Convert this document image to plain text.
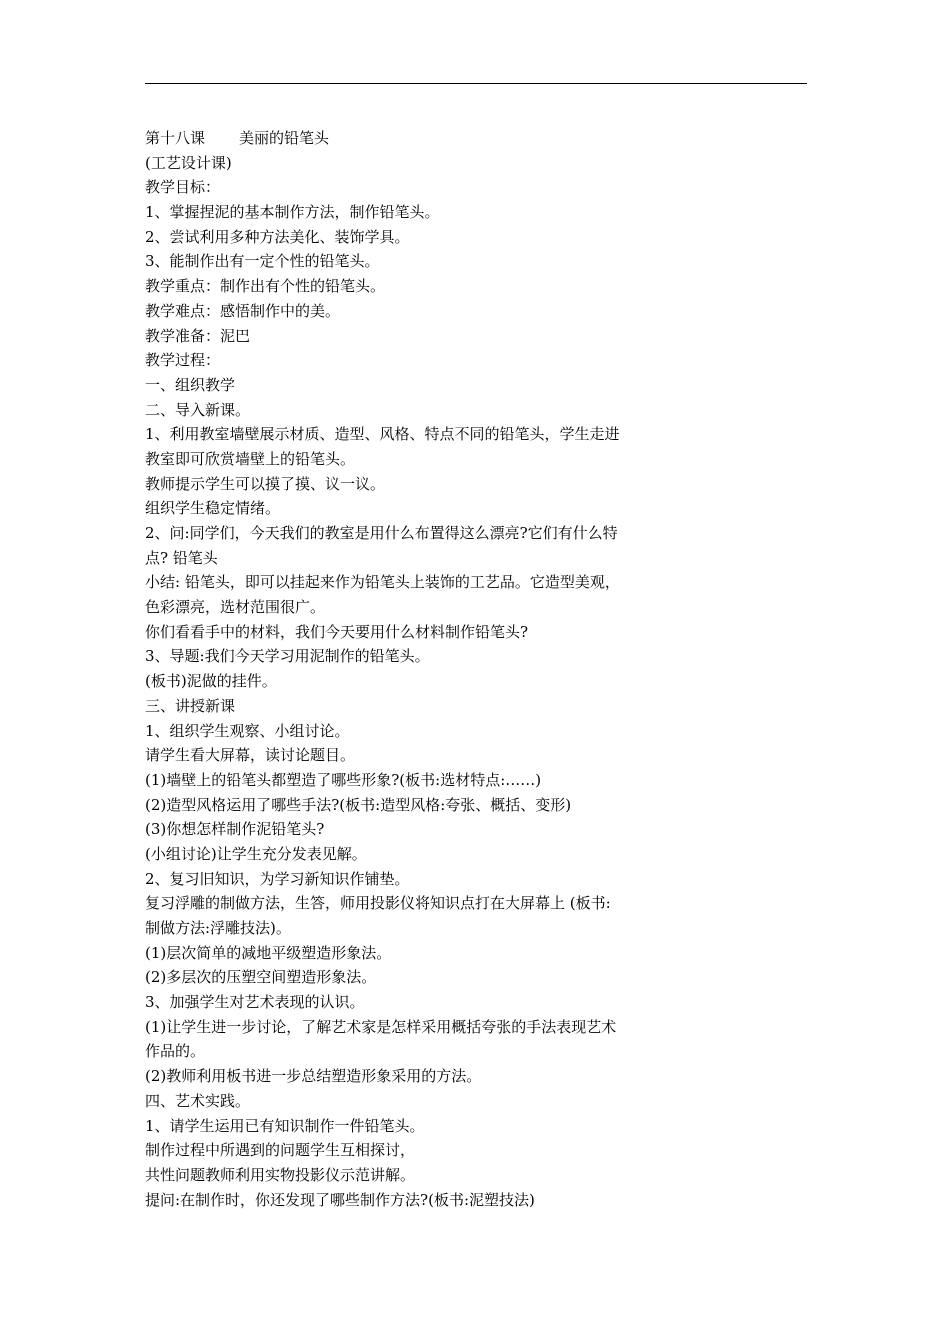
第十八课 美丽的铅笔头
(工艺设计课)
教学目标：
1、掌握捏泥的基本制作方法，制作铅笔头。
2、尝试利用多种方法美化、装饰学具。
3、能制作出有一定个性的铅笔头。
教学重点：制作出有个性的铅笔头。
教学难点：感悟制作中的美。
教学准备：泥巴
教学过程：
一、组织教学
二、导入新课。
1、利用教室墙壁展示材质、造型、风格、特点不同的铅笔头，学生走进
教室即可欣赏墙壁上的铅笔头。
教师提示学生可以摸了摸、议一议。
组织学生稳定情绪。
2、问:同学们，今天我们的教室是用什么布置得这么漂亮?它们有什么特
点? 铅笔头
小结: 铅笔头，即可以挂起来作为铅笔头上装饰的工艺品。它造型美观，
色彩漂亮，选材范围很广。
你们看看手中的材料，我们今天要用什么材料制作铅笔头?
3、导题:我们今天学习用泥制作的铅笔头。
(板书)泥做的挂件。
三、讲授新课
1、组织学生观察、小组讨论。
请学生看大屏幕，读讨论题目。
(1)墙壁上的铅笔头都塑造了哪些形象?(板书:选材特点:……)
(2)造型风格运用了哪些手法?(板书:造型风格:夸张、概括、变形)
(3)你想怎样制作泥铅笔头?
(小组讨论)让学生充分发表见解。
2、复习旧知识，为学习新知识作铺垫。
复习浮雕的制做方法，生答，师用投影仪将知识点打在大屏幕上 (板书:
制做方法:浮雕技法)。
(1)层次简单的减地平级塑造形象法。
(2)多层次的压塑空间塑造形象法。
3、加强学生对艺术表现的认识。
(1)让学生进一步讨论，了解艺术家是怎样采用概括夸张的手法表现艺术
作品的。
(2)教师利用板书进一步总结塑造形象采用的方法。
四、艺术实践。
1、请学生运用已有知识制作一件铅笔头。
制作过程中所遇到的问题学生互相探讨，
共性问题教师利用实物投影仪示范讲解。
提问:在制作时，你还发现了哪些制作方法?(板书:泥塑技法)
